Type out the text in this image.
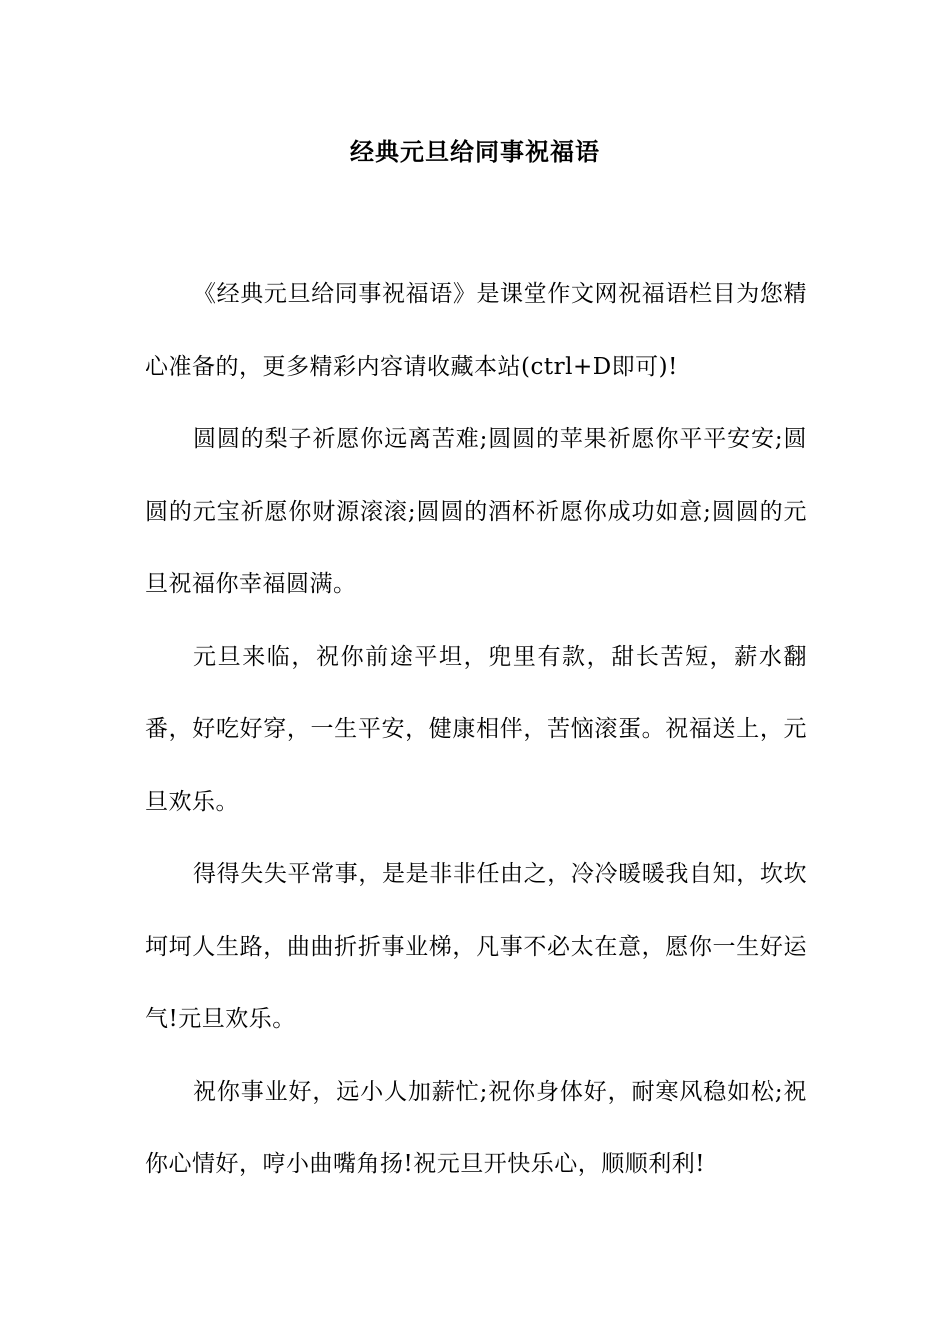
经典元旦给同事祝福语

《经典元旦给同事祝福语》是课堂作文网祝福语栏目为您精心准备的，更多精彩内容请收藏本站(ctrl+D即可)!

圆圆的梨子祈愿你远离苦难;圆圆的苹果祈愿你平平安安;圆圆的元宝祈愿你财源滚滚;圆圆的酒杯祈愿你成功如意;圆圆的元旦祝福你幸福圆满。

元旦来临，祝你前途平坦，兜里有款，甜长苦短，薪水翻番，好吃好穿，一生平安，健康相伴，苦恼滚蛋。祝福送上，元旦欢乐。

得得失失平常事，是是非非任由之，冷冷暖暖我自知，坎坎坷坷人生路，曲曲折折事业梯，凡事不必太在意，愿你一生好运气!元旦欢乐。

祝你事业好，远小人加薪忙;祝你身体好，耐寒风稳如松;祝你心情好，哼小曲嘴角扬!祝元旦开快乐心，顺顺利利!
